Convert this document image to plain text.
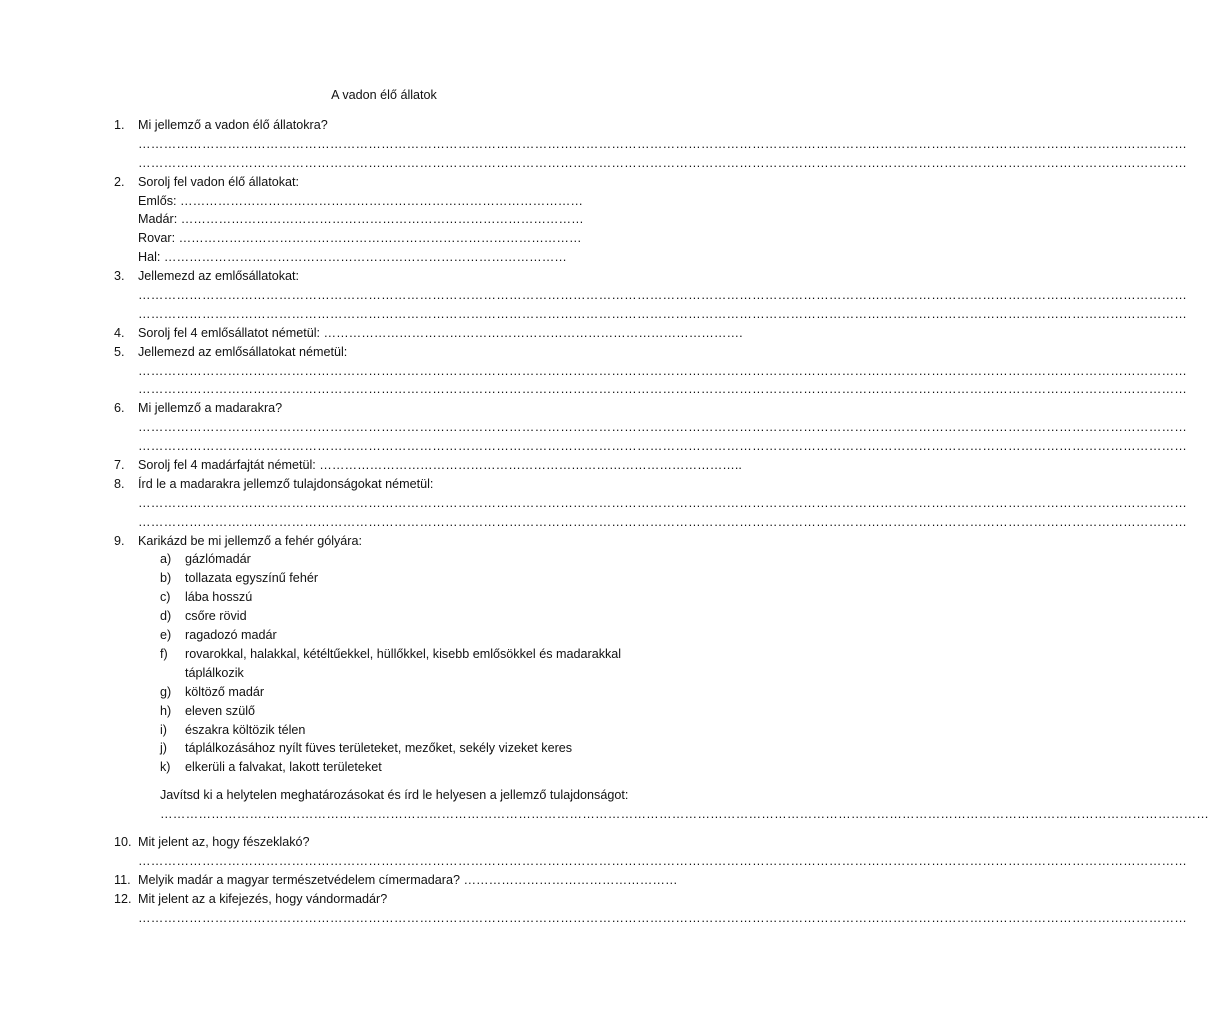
A vadon élő állatok
1. Mi jellemző a vadon élő állatokra?
…………………………………………………………………………………………………………………………………………………………………………………………………………………………
…………………………………………………………………………………………………………………………………………………………………………………………………………………………
2. Sorolj fel vadon élő állatokat:
Emlős: ……………………………………………………………………………………
Madár: ……………………………………………………………………………………
Rovar: ……………………………………………………………………………………
Hal: ……………………………………………………………………………………
3. Jellemezd az emlősállatokat:
…………………………………………………………………………………………………………………………………………………………………………………………………………………………
…………………………………………………………………………………………………………………………………………………………………………………………………………………………
4. Sorolj fel 4 emlősállatot németül: ……………………………………………………………………………………….
5. Jellemezd az emlősállatokat németül:
…………………………………………………………………………………………………………………………………………………………………………………………………………………………
…………………………………………………………………………………………………………………………………………………………………………………………………………………………
6. Mi jellemző a madarakra?
…………………………………………………………………………………………………………………………………………………………………………………………………………………………
…………………………………………………………………………………………………………………………………………………………………………………………………………………………
7. Sorolj fel 4 madárfajtát németül: ………………………………………………………………………………………..
8. Írd le a madarakra jellemző tulajdonságokat németül:
…………………………………………………………………………………………………………………………………………………………………………………………………………………………
…………………………………………………………………………………………………………………………………………………………………………………………………………………………
9. Karikázd be mi jellemző a fehér gólyára:
a) gázlómadár
b) tollazata egyszínű fehér
c) lába hosszú
d) csőre rövid
e) ragadozó madár
f) rovarokkal, halakkal, kétéltűekkel, hüllőkkel, kisebb emlősökkel és madarakkal
táplálkozik
g) költöző madár
h) eleven szülő
i) északra költözik télen
j) táplálkozásához nyílt füves területeket, mezőket, sekély vizeket keres
k) elkerüli a falvakat, lakott területeket
Javítsd ki a helytelen meghatározásokat és írd le helyesen a jellemző tulajdonságot:
…………………………………………………………………………………………………………………………………………………………………………………………………………………………
10. Mit jelent az, hogy fészeklakó?
…………………………………………………………………………………………………………………………………………………………………………………………………………………………
11. Melyik madár a magyar természetvédelem címermadara? ……………………………………………
12. Mit jelent az a kifejezés, hogy vándormadár?
…………………………………………………………………………………………………………………………………………………………………………………………………………………………
